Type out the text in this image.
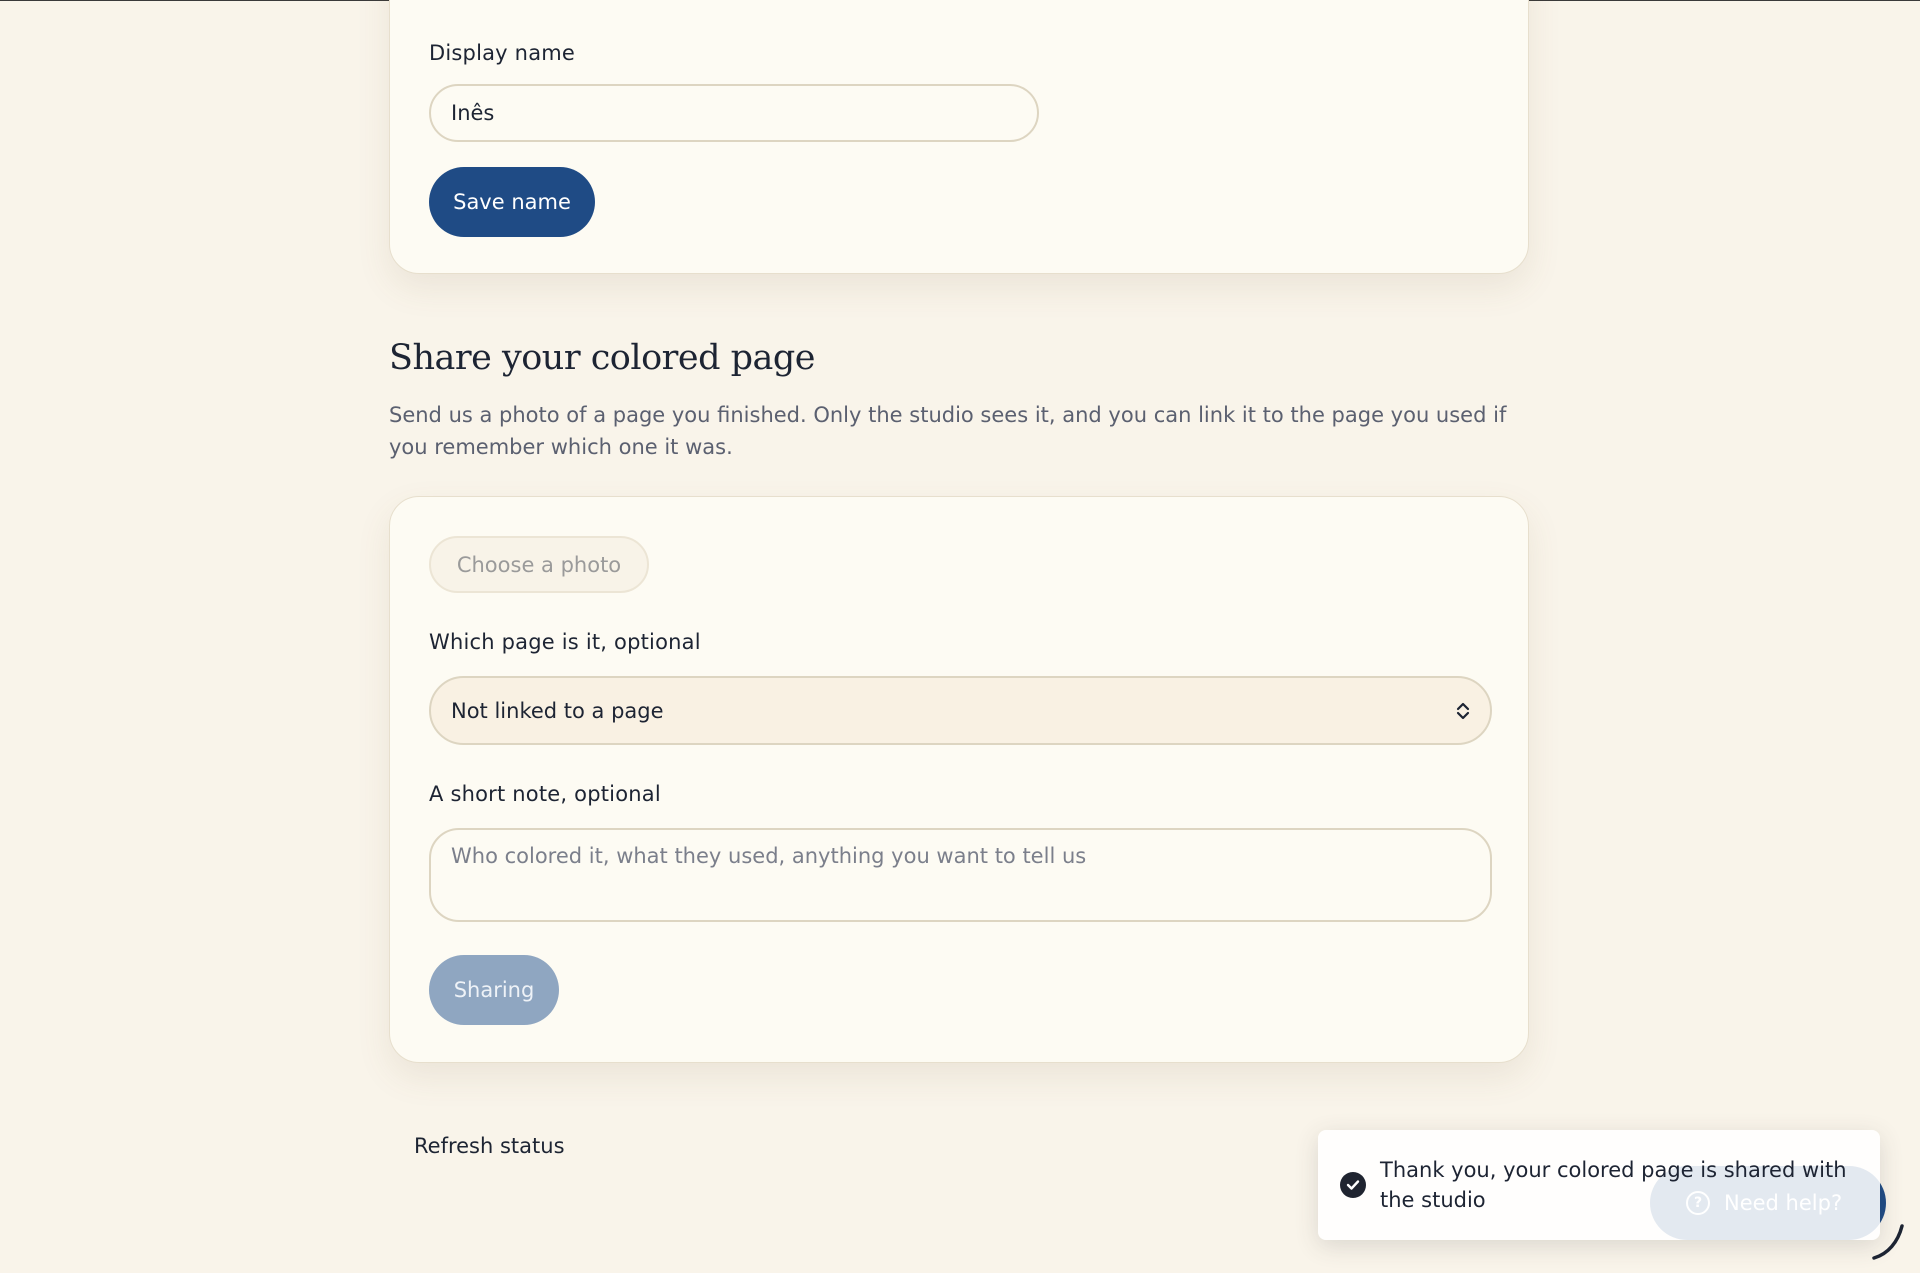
Display name
Inês
Save name
Share your colored page

Send us a photo of a page you finished. Only the studio sees it, and you can link it to the page you used if you remember which one it was.

Choose a photo
Which page is it, optional
Not linked to a page
A short note, optional
Who colored it, what they used, anything you want to tell us
Sharing
Refresh status
Thank you, your colored page is shared with the studio
